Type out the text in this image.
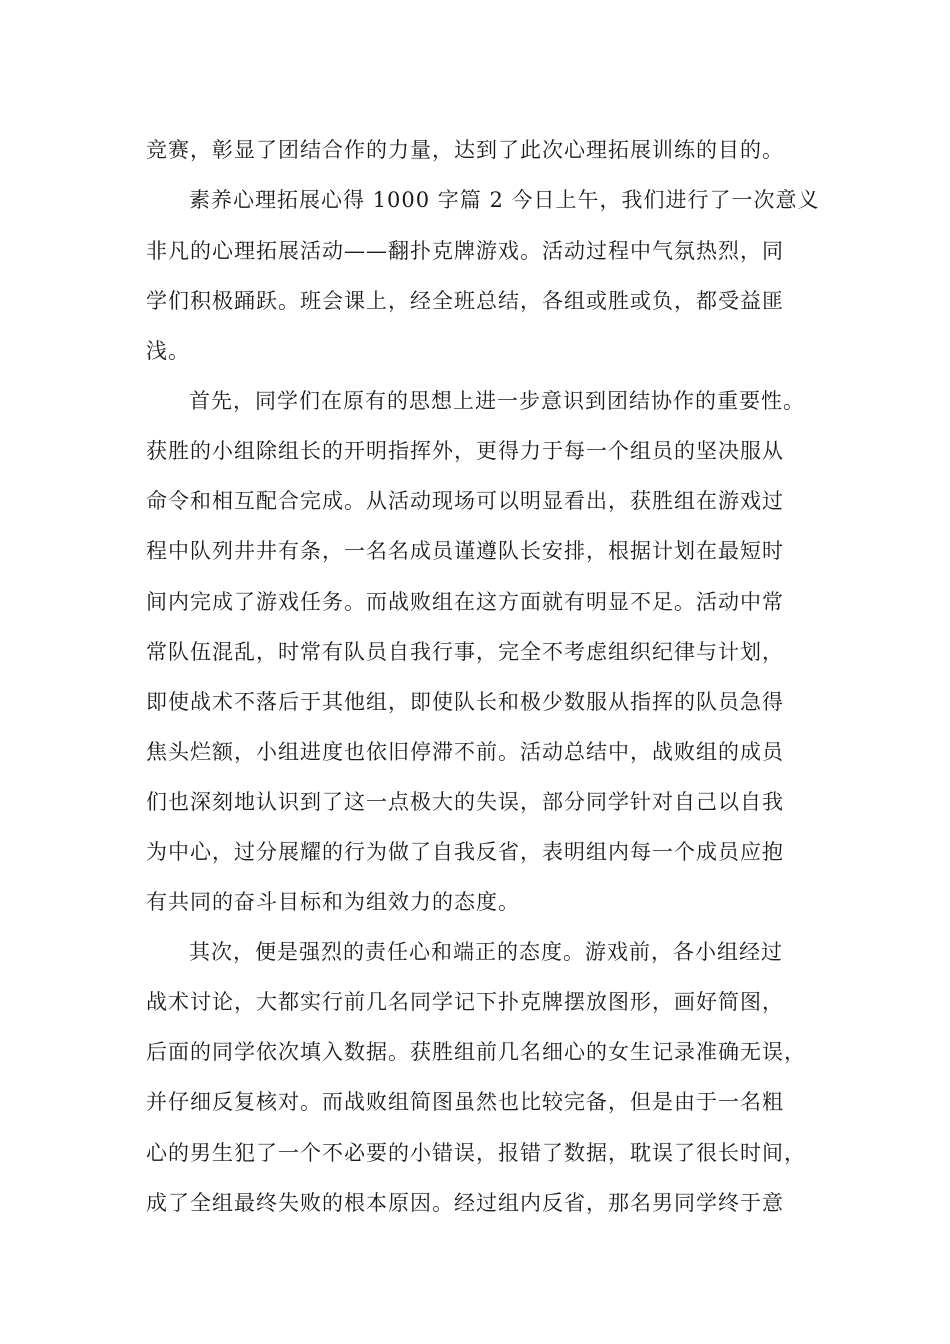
竞赛，彰显了团结合作的力量，达到了此次心理拓展训练的目的。
素养心理拓展心得 1000 字篇 2 今日上午，我们进行了一次意义
非凡的心理拓展活动——翻扑克牌游戏。活动过程中气氛热烈，同
学们积极踊跃。班会课上，经全班总结，各组或胜或负，都受益匪
浅。
首先，同学们在原有的思想上进一步意识到团结协作的重要性。
获胜的小组除组长的开明指挥外，更得力于每一个组员的坚决服从
命令和相互配合完成。从活动现场可以明显看出，获胜组在游戏过
程中队列井井有条，一名名成员谨遵队长安排，根据计划在最短时
间内完成了游戏任务。而战败组在这方面就有明显不足。活动中常
常队伍混乱，时常有队员自我行事，完全不考虑组织纪律与计划，
即使战术不落后于其他组，即使队长和极少数服从指挥的队员急得
焦头烂额，小组进度也依旧停滞不前。活动总结中，战败组的成员
们也深刻地认识到了这一点极大的失误，部分同学针对自己以自我
为中心，过分展耀的行为做了自我反省，表明组内每一个成员应抱
有共同的奋斗目标和为组效力的态度。
其次，便是强烈的责任心和端正的态度。游戏前，各小组经过
战术讨论，大都实行前几名同学记下扑克牌摆放图形，画好简图，
后面的同学依次填入数据。获胜组前几名细心的女生记录准确无误，
并仔细反复核对。而战败组简图虽然也比较完备，但是由于一名粗
心的男生犯了一个不必要的小错误，报错了数据，耽误了很长时间，
成了全组最终失败的根本原因。经过组内反省，那名男同学终于意
